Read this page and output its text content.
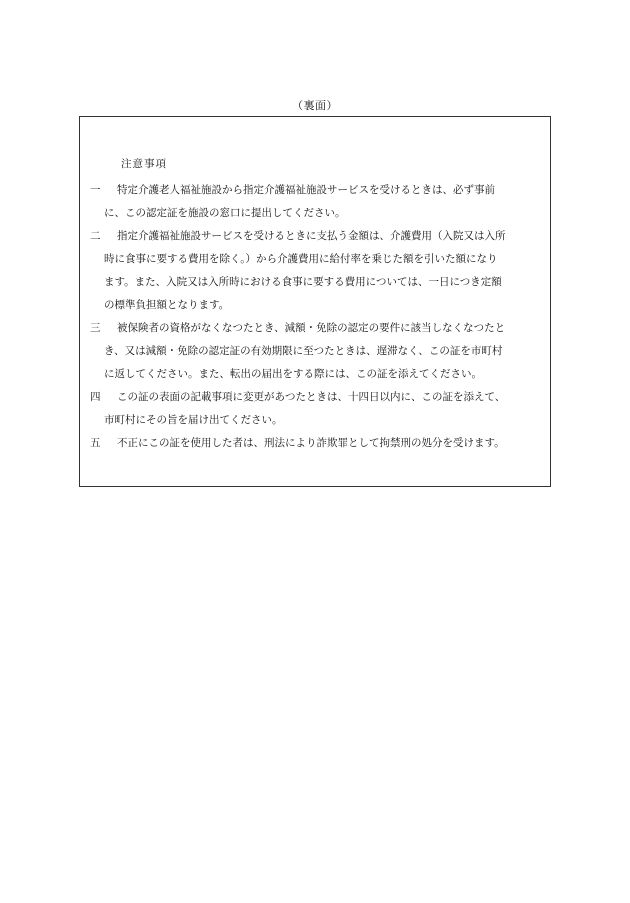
（裏面）
注意事項
一	特定介護老人福祉施設から指定介護福祉施設サービスを受けるときは、必ず事前
に、この認定証を施設の窓口に提出してください。
二	指定介護福祉施設サービスを受けるときに支払う金額は、介護費用（入院又は入所
時に食事に要する費用を除く。）から介護費用に給付率を乗じた額を引いた額になり
ます。また、入院又は入所時における食事に要する費用については、一日につき定額
の標準負担額となります。
三	被保険者の資格がなくなつたとき、減額・免除の認定の要件に該当しなくなつたと
き、又は減額・免除の認定証の有効期限に至つたときは、遅滞なく、この証を市町村
に返してください。また、転出の届出をする際には、この証を添えてください。
四	この証の表面の記載事項に変更があつたときは、十四日以内に、この証を添えて、
市町村にその旨を届け出てください。
五	不正にこの証を使用した者は、刑法により詐欺罪として拘禁刑の処分を受けます。
